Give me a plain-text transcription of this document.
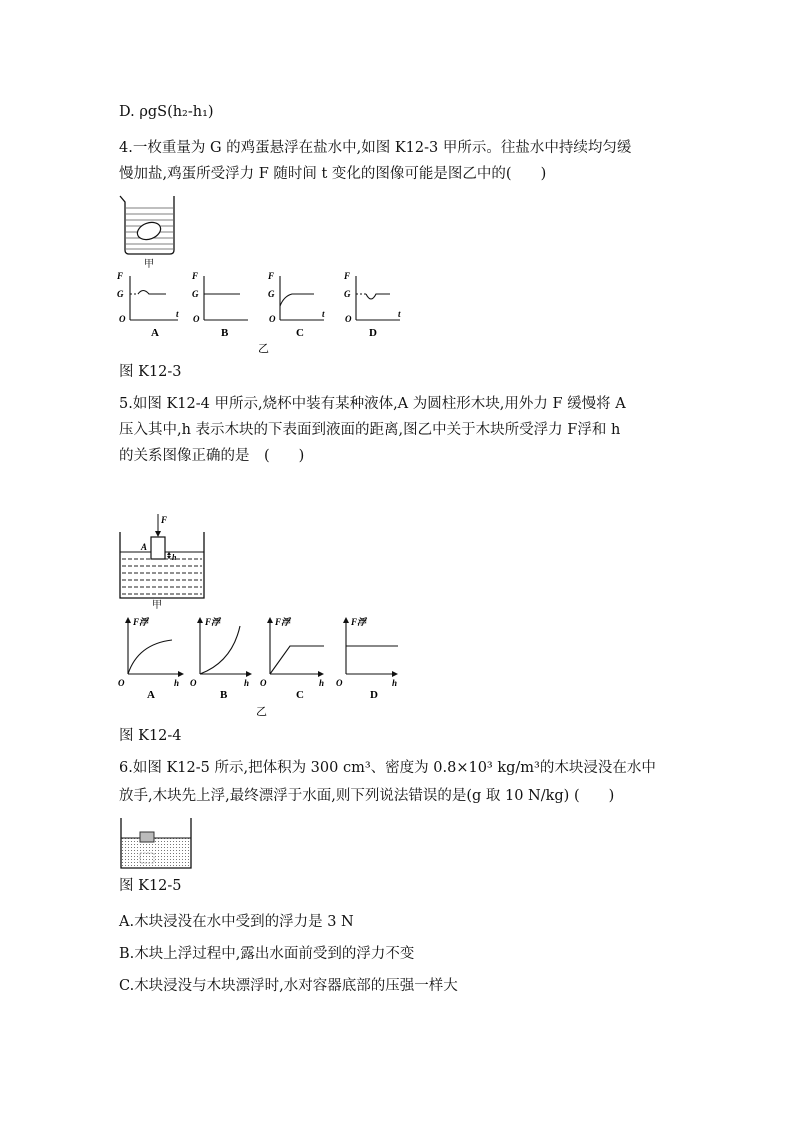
D. ρgS(h₂-h₁)
4.一枚重量为 G 的鸡蛋悬浮在盐水中,如图 K12-3 甲所示。往盐水中持续均匀缓
慢加盐,鸡蛋所受浮力 F 随时间 t 变化的图像可能是图乙中的(　　)
甲
F
G
O	t
A
F
G
O
B
F
G
O	t
C
F
G
O	t
D
乙
图 K12-3
5.如图 K12-4 甲所示,烧杯中装有某种液体,A 为圆柱形木块,用外力 F 缓慢将 A
压入其中,h 表示木块的下表面到液面的距离,图乙中关于木块所受浮力 F浮和 h
的关系图像正确的是　(　　)
F
A
h
甲
F浮
O	h
A
F浮
O	h
B
F浮
O	h
C
F浮
O	h
D
乙
图 K12-4
6.如图 K12-5 所示,把体积为 300 cm³、密度为 0.8×10³ kg/m³的木块浸没在水中
放手,木块先上浮,最终漂浮于水面,则下列说法错误的是(g 取 10 N/kg) (　　)
图 K12-5
A.木块浸没在水中受到的浮力是 3 N
B.木块上浮过程中,露出水面前受到的浮力不变
C.木块浸没与木块漂浮时,水对容器底部的压强一样大
